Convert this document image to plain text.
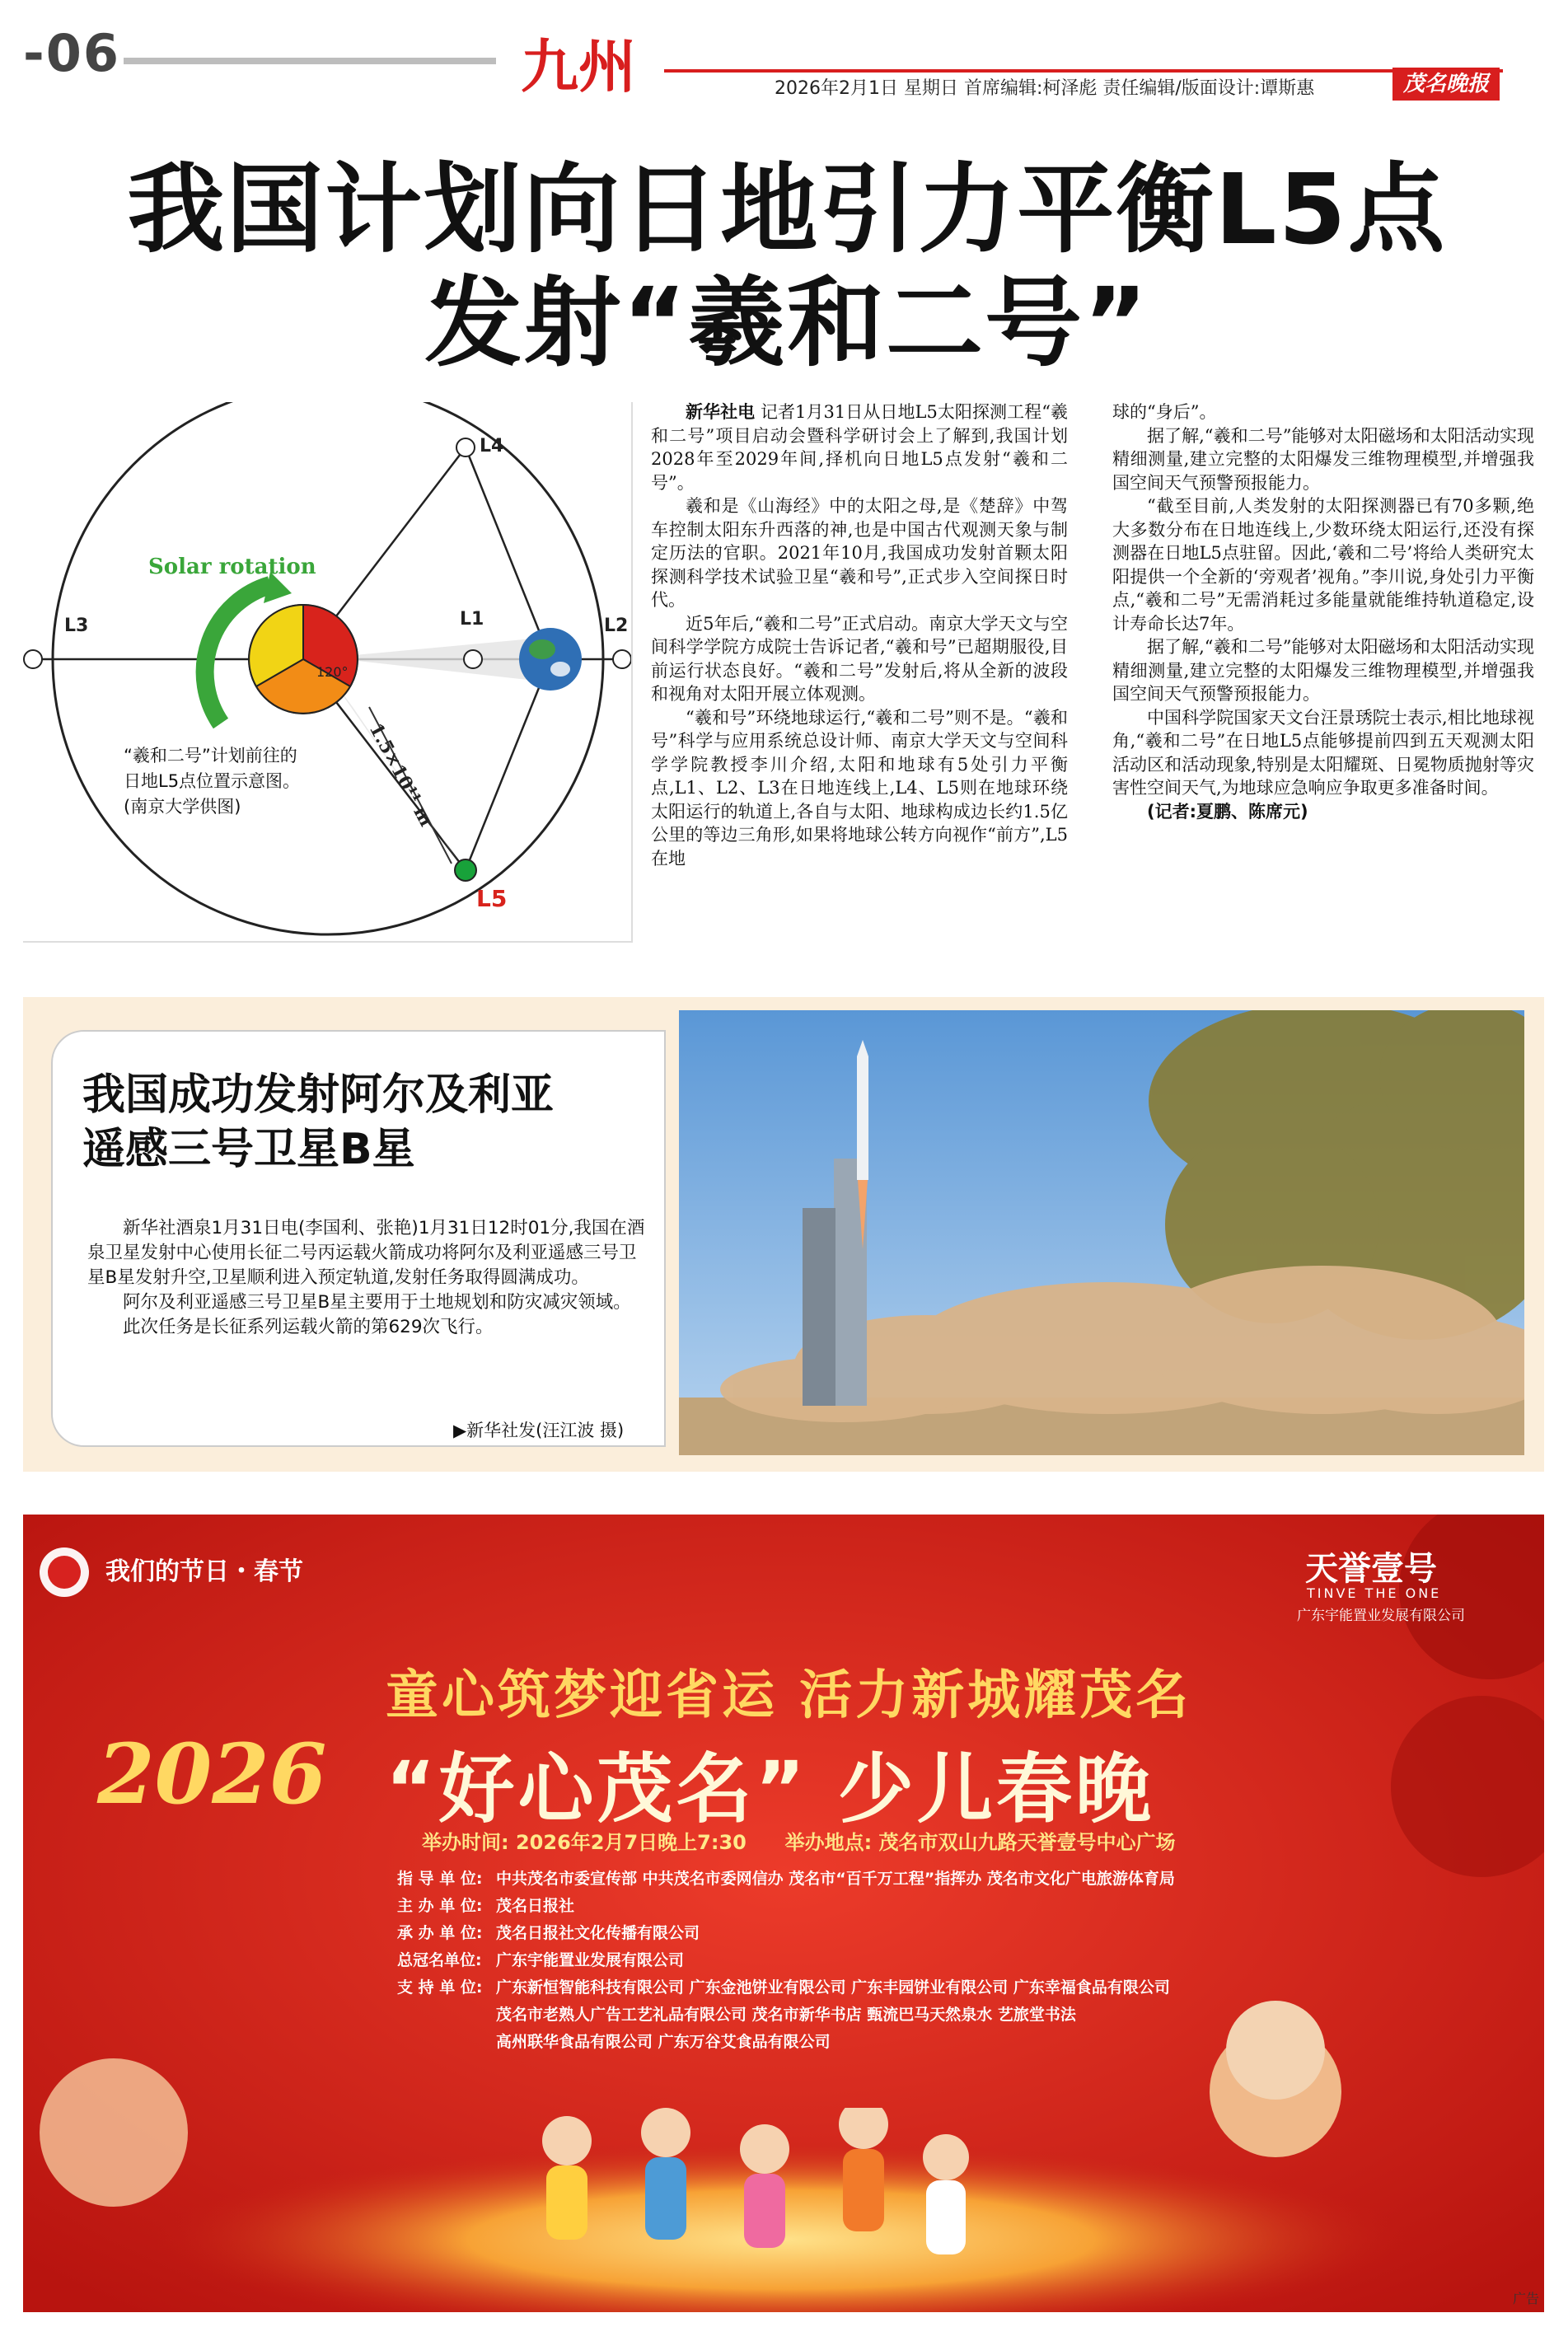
-06	九州	2026年2月1日 星期日 首席编辑:柯泽彪 责任编辑/版面设计:谭斯惠	茂名晚报
我国计划向日地引力平衡L5点
发射“羲和二号”
120°
L4
L5
L3	L1	L2
Solar rotation
1.5×10¹¹ m
“羲和二号”计划前往的日地L5点位置示意图。(南京大学供图)

新华社电 记者1月31日从日地L5太阳探测工程“羲和二号”项目启动会暨科学研讨会上了解到,我国计划2028年至2029年间,择机向日地L5点发射“羲和二号”。

羲和是《山海经》中的太阳之母,是《楚辞》中驾车控制太阳东升西落的神,也是中国古代观测天象与制定历法的官职。2021年10月,我国成功发射首颗太阳探测科学技术试验卫星“羲和号”,正式步入空间探日时代。

近5年后,“羲和二号”正式启动。南京大学天文与空间科学学院方成院士告诉记者,“羲和号”已超期服役,目前运行状态良好。“羲和二号”发射后,将从全新的波段和视角对太阳开展立体观测。

“羲和号”环绕地球运行,“羲和二号”则不是。“羲和号”科学与应用系统总设计师、南京大学天文与空间科学学院教授李川介绍,太阳和地球有5处引力平衡点,L1、L2、L3在日地连线上,L4、L5则在地球环绕太阳运行的轨道上,各自与太阳、地球构成边长约1.5亿公里的等边三角形,如果将地球公转方向视作“前方”,L5在地

球的“身后”。

据了解,“羲和二号”能够对太阳磁场和太阳活动实现精细测量,建立完整的太阳爆发三维物理模型,并增强我国空间天气预警预报能力。

“截至目前,人类发射的太阳探测器已有70多颗,绝大多数分布在日地连线上,少数环绕太阳运行,还没有探测器在日地L5点驻留。因此,‘羲和二号’将给人类研究太阳提供一个全新的‘旁观者’视角。”李川说,身处引力平衡点,“羲和二号”无需消耗过多能量就能维持轨道稳定,设计寿命长达7年。

据了解,“羲和二号”能够对太阳磁场和太阳活动实现精细测量,建立完整的太阳爆发三维物理模型,并增强我国空间天气预警预报能力。

中国科学院国家天文台汪景琇院士表示,相比地球视角,“羲和二号”在日地L5点能够提前四到五天观测太阳活动区和活动现象,特别是太阳耀斑、日冕物质抛射等灾害性空间天气,为地球应急响应争取更多准备时间。

(记者:夏鹏、陈席元)

我国成功发射阿尔及利亚
遥感三号卫星B星

新华社酒泉1月31日电(李国利、张艳)1月31日12时01分,我国在酒泉卫星发射中心使用长征二号丙运载火箭成功将阿尔及利亚遥感三号卫星B星发射升空,卫星顺利进入预定轨道,发射任务取得圆满成功。

阿尔及利亚遥感三号卫星B星主要用于土地规划和防灾减灾领域。

此次任务是长征系列运载火箭的第629次飞行。

▶新华社发(汪江波 摄)
我们的节日・春节	天誉壹号
TINVE THE ONE
广东宇能置业发展有限公司
童心筑梦迎省运 活力新城耀茂名
2026 “好心茂名” 少儿春晚
举办时间: 2026年2月7日晚上7:30 举办地点: 茂名市双山九路天誉壹号中心广场
指 导 单 位: 中共茂名市委宣传部 中共茂名市委网信办 茂名市“百千万工程”指挥办 茂名市文化广电旅游体育局
主 办 单 位: 茂名日报社
承 办 单 位: 茂名日报社文化传播有限公司
总冠名单位: 广东宇能置业发展有限公司
支 持 单 位: 广东新恒智能科技有限公司 广东金池饼业有限公司 广东丰园饼业有限公司 广东幸福食品有限公司
茂名市老熟人广告工艺礼品有限公司 茂名市新华书店 甄流巴马天然泉水 艺旅堂书法
高州联华食品有限公司 广东万谷艾食品有限公司
广告
